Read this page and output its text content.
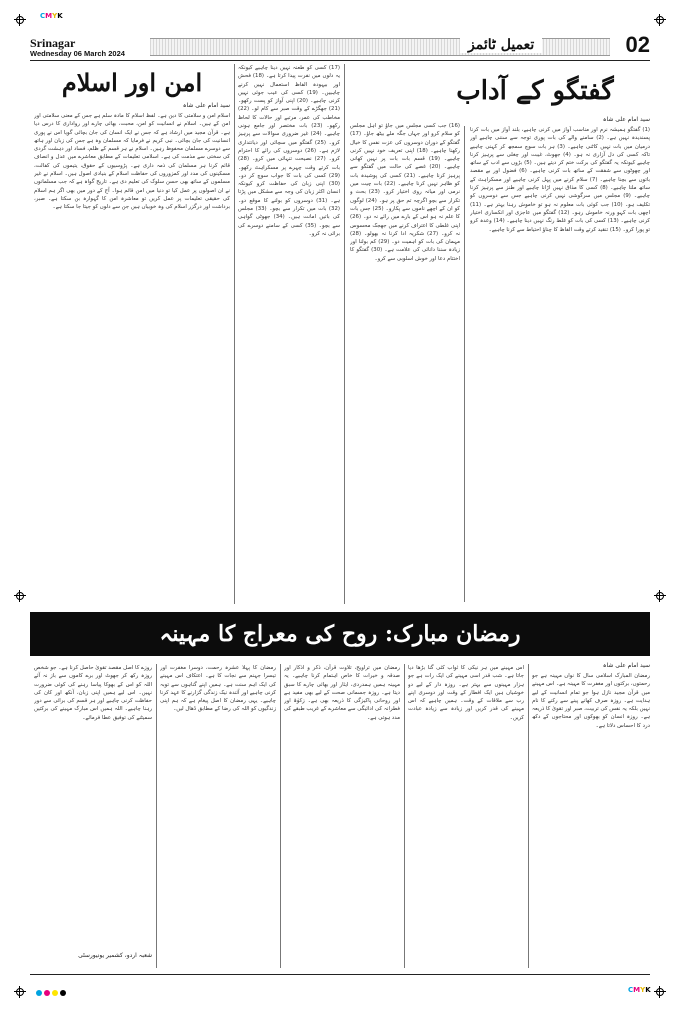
CMYK
CMYK
Srinagar
Wednesday 06 March 2024
تعمیل ٹائمز	02
گفتگو کے آداب
سید امام علی شاہ
(1) گفتگو ہمیشہ نرم اور مناسب آواز میں کرنی چاہیے، بلند آواز میں بات کرنا پسندیدہ نہیں ہے۔ (2) سامنے والے کی بات پوری توجہ سے سننی چاہیے اور درمیان میں بات نہیں کاٹنی چاہیے۔ (3) ہر بات سوچ سمجھ کر کہنی چاہیے تاکہ کسی کی دل آزاری نہ ہو۔ (4) جھوٹ، غیبت اور چغلی سے پرہیز کرنا چاہیے کیونکہ یہ گفتگو کی برکت ختم کر دیتے ہیں۔ (5) بڑوں سے ادب کے ساتھ اور چھوٹوں سے شفقت کے ساتھ بات کرنی چاہیے۔ (6) فضول اور بے مقصد باتوں سے بچنا چاہیے۔ (7) سلام کرنے میں پہل کرنی چاہیے اور مسکراہٹ کے ساتھ ملنا چاہیے۔ (8) کسی کا مذاق نہیں اڑانا چاہیے اور طنز سے پرہیز کرنا چاہیے۔ (9) مجلس میں سرگوشی نہیں کرنی چاہیے جس سے دوسروں کو تکلیف ہو۔ (10) جب کوئی بات معلوم نہ ہو تو خاموش رہنا بہتر ہے۔ (11) اچھی بات کہو ورنہ خاموش رہو۔ (12) گفتگو میں عاجزی اور انکساری اختیار کرنی چاہیے۔ (13) کسی کی بات کو غلط رنگ نہیں دینا چاہیے۔ (14) وعدہ کرو تو پورا کرو۔ (15) تنقید کرتے وقت الفاظ کا چناؤ احتیاط سے کرنا چاہیے۔
(16) جب کسی مجلس میں جاؤ تو اہل مجلس کو سلام کرو اور جہاں جگہ ملے بیٹھ جاؤ۔ (17) گفتگو کے دوران دوسروں کی عزت نفس کا خیال رکھنا چاہیے۔ (18) اپنی تعریف خود نہیں کرنی چاہیے۔ (19) قسم بات بات پر نہیں کھانی چاہیے۔ (20) غصے کی حالت میں گفتگو سے پرہیز کرنا چاہیے۔ (21) کسی کی پوشیدہ بات کو ظاہر نہیں کرنا چاہیے۔ (22) بات چیت میں نرمی اور میانہ روی اختیار کرو۔ (23) بحث و تکرار سے بچو اگرچہ تم حق پر ہو۔ (24) لوگوں کو ان کے اچھے ناموں سے پکارو۔ (25) جس بات کا علم نہ ہو اس کے بارے میں رائے نہ دو۔ (26) اپنی غلطی کا اعتراف کرنے میں جھجک محسوس نہ کرو۔ (27) شکریہ ادا کرنا نہ بھولو۔ (28) مہمان کی بات کو اہمیت دو۔ (29) کم بولنا اور زیادہ سننا دانائی کی علامت ہے۔ (30) گفتگو کا اختتام دعا اور خوش اسلوبی سے کرو۔
(17) کسی کو طعنہ نہیں دینا چاہیے کیونکہ یہ دلوں میں نفرت پیدا کرتا ہے۔ (18) فحش اور بیہودہ الفاظ استعمال نہیں کرنے چاہییں۔ (19) کسی کی عیب جوئی نہیں کرنی چاہیے۔ (20) اپنی آواز کو پست رکھو۔ (21) جھگڑے کے وقت صبر سے کام لو۔ (22) مخاطب کی عمر، مرتبے اور حالات کا لحاظ رکھو۔ (23) بات مختصر اور جامع ہونی چاہیے۔ (24) غیر ضروری سوالات سے پرہیز کرو۔ (25) گفتگو میں سچائی اور دیانتداری لازم ہے۔ (26) دوسروں کی رائے کا احترام کرو۔ (27) نصیحت تنہائی میں کرو۔ (28) بات کرتے وقت چہرے پر مسکراہٹ رکھو۔ (29) کسی کی بات کا جواب سوچ کر دو۔ (30) اپنی زبان کی حفاظت کرو کیونکہ انسان اکثر زبان کی وجہ سے مشکل میں پڑتا ہے۔ (31) دوسروں کو بولنے کا موقع دو۔ (32) بات میں تکرار سے بچو۔ (33) مجلس کی باتیں امانت ہیں۔ (34) جھوٹی گواہی سے بچو۔ (35) کسی کے سامنے دوسرے کی برائی نہ کرو۔
امن اور اسلام
سید امام علی شاہ
اسلام امن و سلامتی کا دین ہے۔ لفظ اسلام کا مادہ سلم ہے جس کے معنی سلامتی اور امن کے ہیں۔ اسلام نے انسانیت کو امن، محبت، بھائی چارے اور رواداری کا درس دیا ہے۔ قرآن مجید میں ارشاد ہے کہ جس نے ایک انسان کی جان بچائی گویا اس نے پوری انسانیت کی جان بچائی۔ نبی کریم نے فرمایا کہ مسلمان وہ ہے جس کی زبان اور ہاتھ سے دوسرے مسلمان محفوظ رہیں۔ اسلام نے ہر قسم کے ظلم، فساد اور دہشت گردی کی سختی سے مذمت کی ہے۔ اسلامی تعلیمات کے مطابق معاشرے میں عدل و انصاف قائم کرنا ہر مسلمان کی ذمہ داری ہے۔ پڑوسیوں کے حقوق، یتیموں کی کفالت، مسکینوں کی مدد اور کمزوروں کی حفاظت اسلام کے بنیادی اصول ہیں۔ اسلام نے غیر مسلموں کے ساتھ بھی حسن سلوک کی تعلیم دی ہے۔ تاریخ گواہ ہے کہ جب مسلمانوں نے ان اصولوں پر عمل کیا تو دنیا میں امن قائم ہوا۔ آج کے دور میں بھی اگر ہم اسلام کی حقیقی تعلیمات پر عمل کریں تو معاشرہ امن کا گہوارہ بن سکتا ہے۔ صبر، برداشت اور درگزر اسلام کی وہ خوبیاں ہیں جن سے دلوں کو جیتا جا سکتا ہے۔
رمضان مبارک: روح کی معراج کا مہینہ
سید امام علی شاہ
رمضان المبارک اسلامی سال کا نواں مہینہ ہے جو رحمتوں، برکتوں اور مغفرت کا مہینہ ہے۔ اس مہینے میں قرآن مجید نازل ہوا جو تمام انسانیت کے لیے ہدایت ہے۔ روزہ صرف کھانے پینے سے رکنے کا نام نہیں بلکہ یہ نفس کی تربیت، صبر اور تقویٰ کا ذریعہ ہے۔ روزہ انسان کو بھوکوں اور محتاجوں کے دکھ درد کا احساس دلاتا ہے۔
اس مہینے میں ہر نیکی کا ثواب کئی گنا بڑھا دیا جاتا ہے۔ شب قدر اسی مہینے کی ایک رات ہے جو ہزار مہینوں سے بہتر ہے۔ روزہ دار کے لیے دو خوشیاں ہیں ایک افطار کے وقت اور دوسری اپنے رب سے ملاقات کے وقت۔ ہمیں چاہیے کہ اس مہینے کی قدر کریں اور زیادہ سے زیادہ عبادت کریں۔
رمضان میں تراویح، تلاوت قرآن، ذکر و اذکار اور صدقہ و خیرات کا خاص اہتمام کرنا چاہیے۔ یہ مہینہ ہمیں ہمدردی، ایثار اور بھائی چارے کا سبق دیتا ہے۔ روزہ جسمانی صحت کے لیے بھی مفید ہے اور روحانی پاکیزگی کا ذریعہ بھی ہے۔ زکوٰۃ اور فطرانہ کی ادائیگی سے معاشرے کے غریب طبقے کی مدد ہوتی ہے۔
رمضان کا پہلا عشرہ رحمت، دوسرا مغفرت اور تیسرا جہنم سے نجات کا ہے۔ اعتکاف اس مہینے کی ایک اہم سنت ہے۔ ہمیں اپنے گناہوں سے توبہ کرنی چاہیے اور آئندہ نیک زندگی گزارنے کا عہد کرنا چاہیے۔ یہی رمضان کا اصل پیغام ہے کہ ہم اپنی زندگیوں کو اللہ کی رضا کے مطابق ڈھال لیں۔
روزے کا اصل مقصد تقویٰ حاصل کرنا ہے۔ جو شخص روزہ رکھ کر جھوٹ اور برے کاموں سے باز نہ آئے اللہ کو اس کے بھوکا پیاسا رہنے کی کوئی ضرورت نہیں۔ اس لیے ہمیں اپنی زبان، آنکھ اور کان کی حفاظت کرنی چاہیے اور ہر قسم کی برائی سے دور رہنا چاہیے۔ اللہ ہمیں اس مبارک مہینے کی برکتیں سمیٹنے کی توفیق عطا فرمائے۔
شعبہ اردو، کشمیر یونیورسٹی
